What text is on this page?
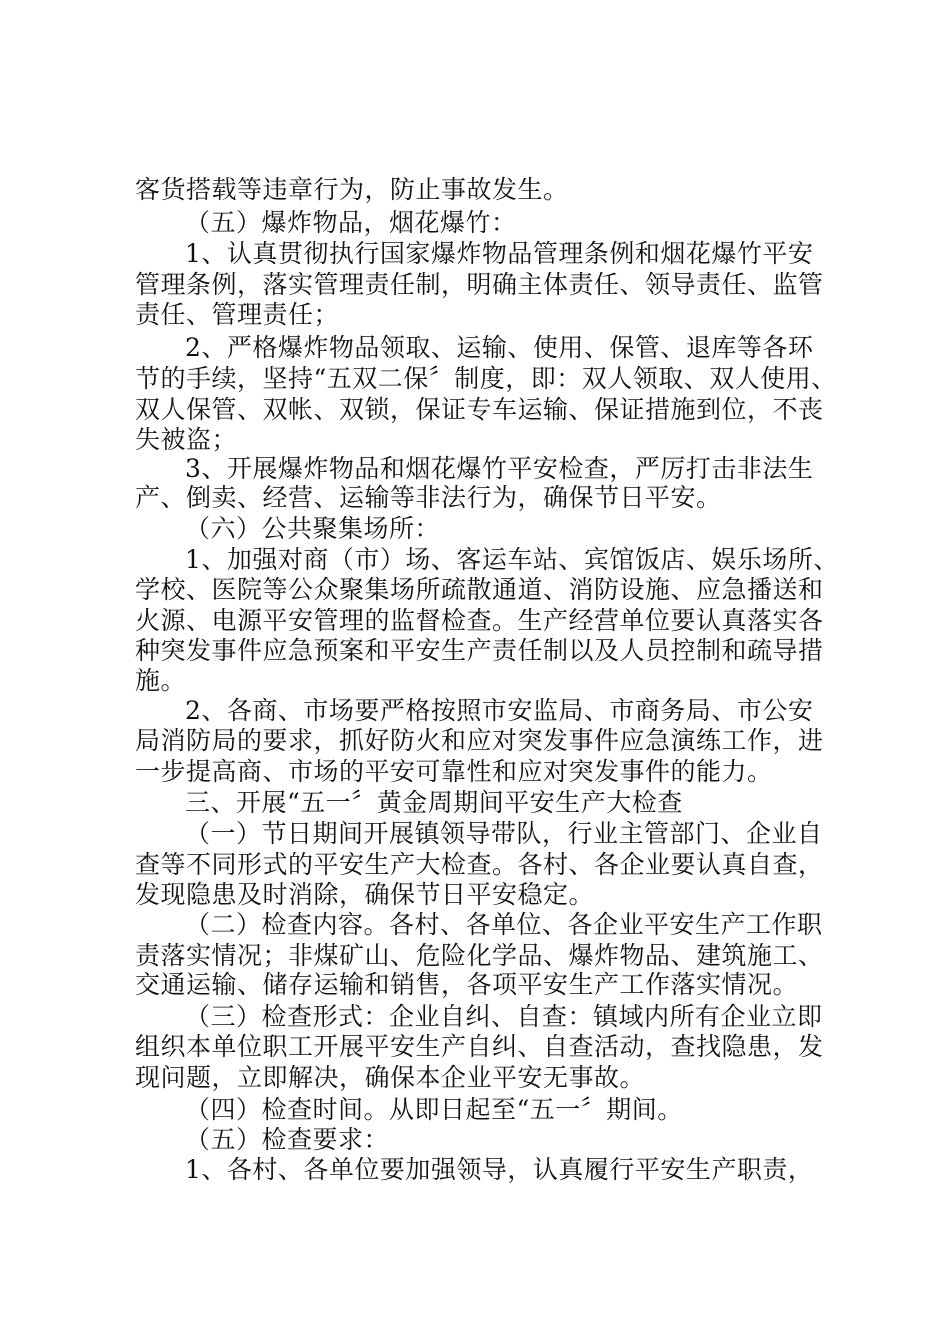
客货搭载等违章行为，防止事故发生。
（五）爆炸物品，烟花爆竹：
1、认真贯彻执行国家爆炸物品管理条例和烟花爆竹平安
管理条例，落实管理责任制，明确主体责任、领导责任、监管
责任、管理责任；
2、严格爆炸物品领取、运输、使用、保管、退库等各环
节的手续，坚持“五双二保〞制度，即：双人领取、双人使用、
双人保管、双帐、双锁，保证专车运输、保证措施到位，不丧
失被盗；
3、开展爆炸物品和烟花爆竹平安检查，严厉打击非法生
产、倒卖、经营、运输等非法行为，确保节日平安。
（六）公共聚集场所：
1、加强对商（市）场、客运车站、宾馆饭店、娱乐场所、
学校、医院等公众聚集场所疏散通道、消防设施、应急播送和
火源、电源平安管理的监督检查。生产经营单位要认真落实各
种突发事件应急预案和平安生产责任制以及人员控制和疏导措
施。
2、各商、市场要严格按照市安监局、市商务局、市公安
局消防局的要求，抓好防火和应对突发事件应急演练工作，进
一步提高商、市场的平安可靠性和应对突发事件的能力。
三、开展“五一〞黄金周期间平安生产大检查
（一）节日期间开展镇领导带队，行业主管部门、企业自
查等不同形式的平安生产大检查。各村、各企业要认真自查，
发现隐患及时消除，确保节日平安稳定。
（二）检查内容。各村、各单位、各企业平安生产工作职
责落实情况；非煤矿山、危险化学品、爆炸物品、建筑施工、
交通运输、储存运输和销售，各项平安生产工作落实情况。
（三）检查形式：企业自纠、自查：镇域内所有企业立即
组织本单位职工开展平安生产自纠、自查活动，查找隐患，发
现问题，立即解决，确保本企业平安无事故。
（四）检查时间。从即日起至“五一〞期间。
（五）检查要求：
1、各村、各单位要加强领导，认真履行平安生产职责，
